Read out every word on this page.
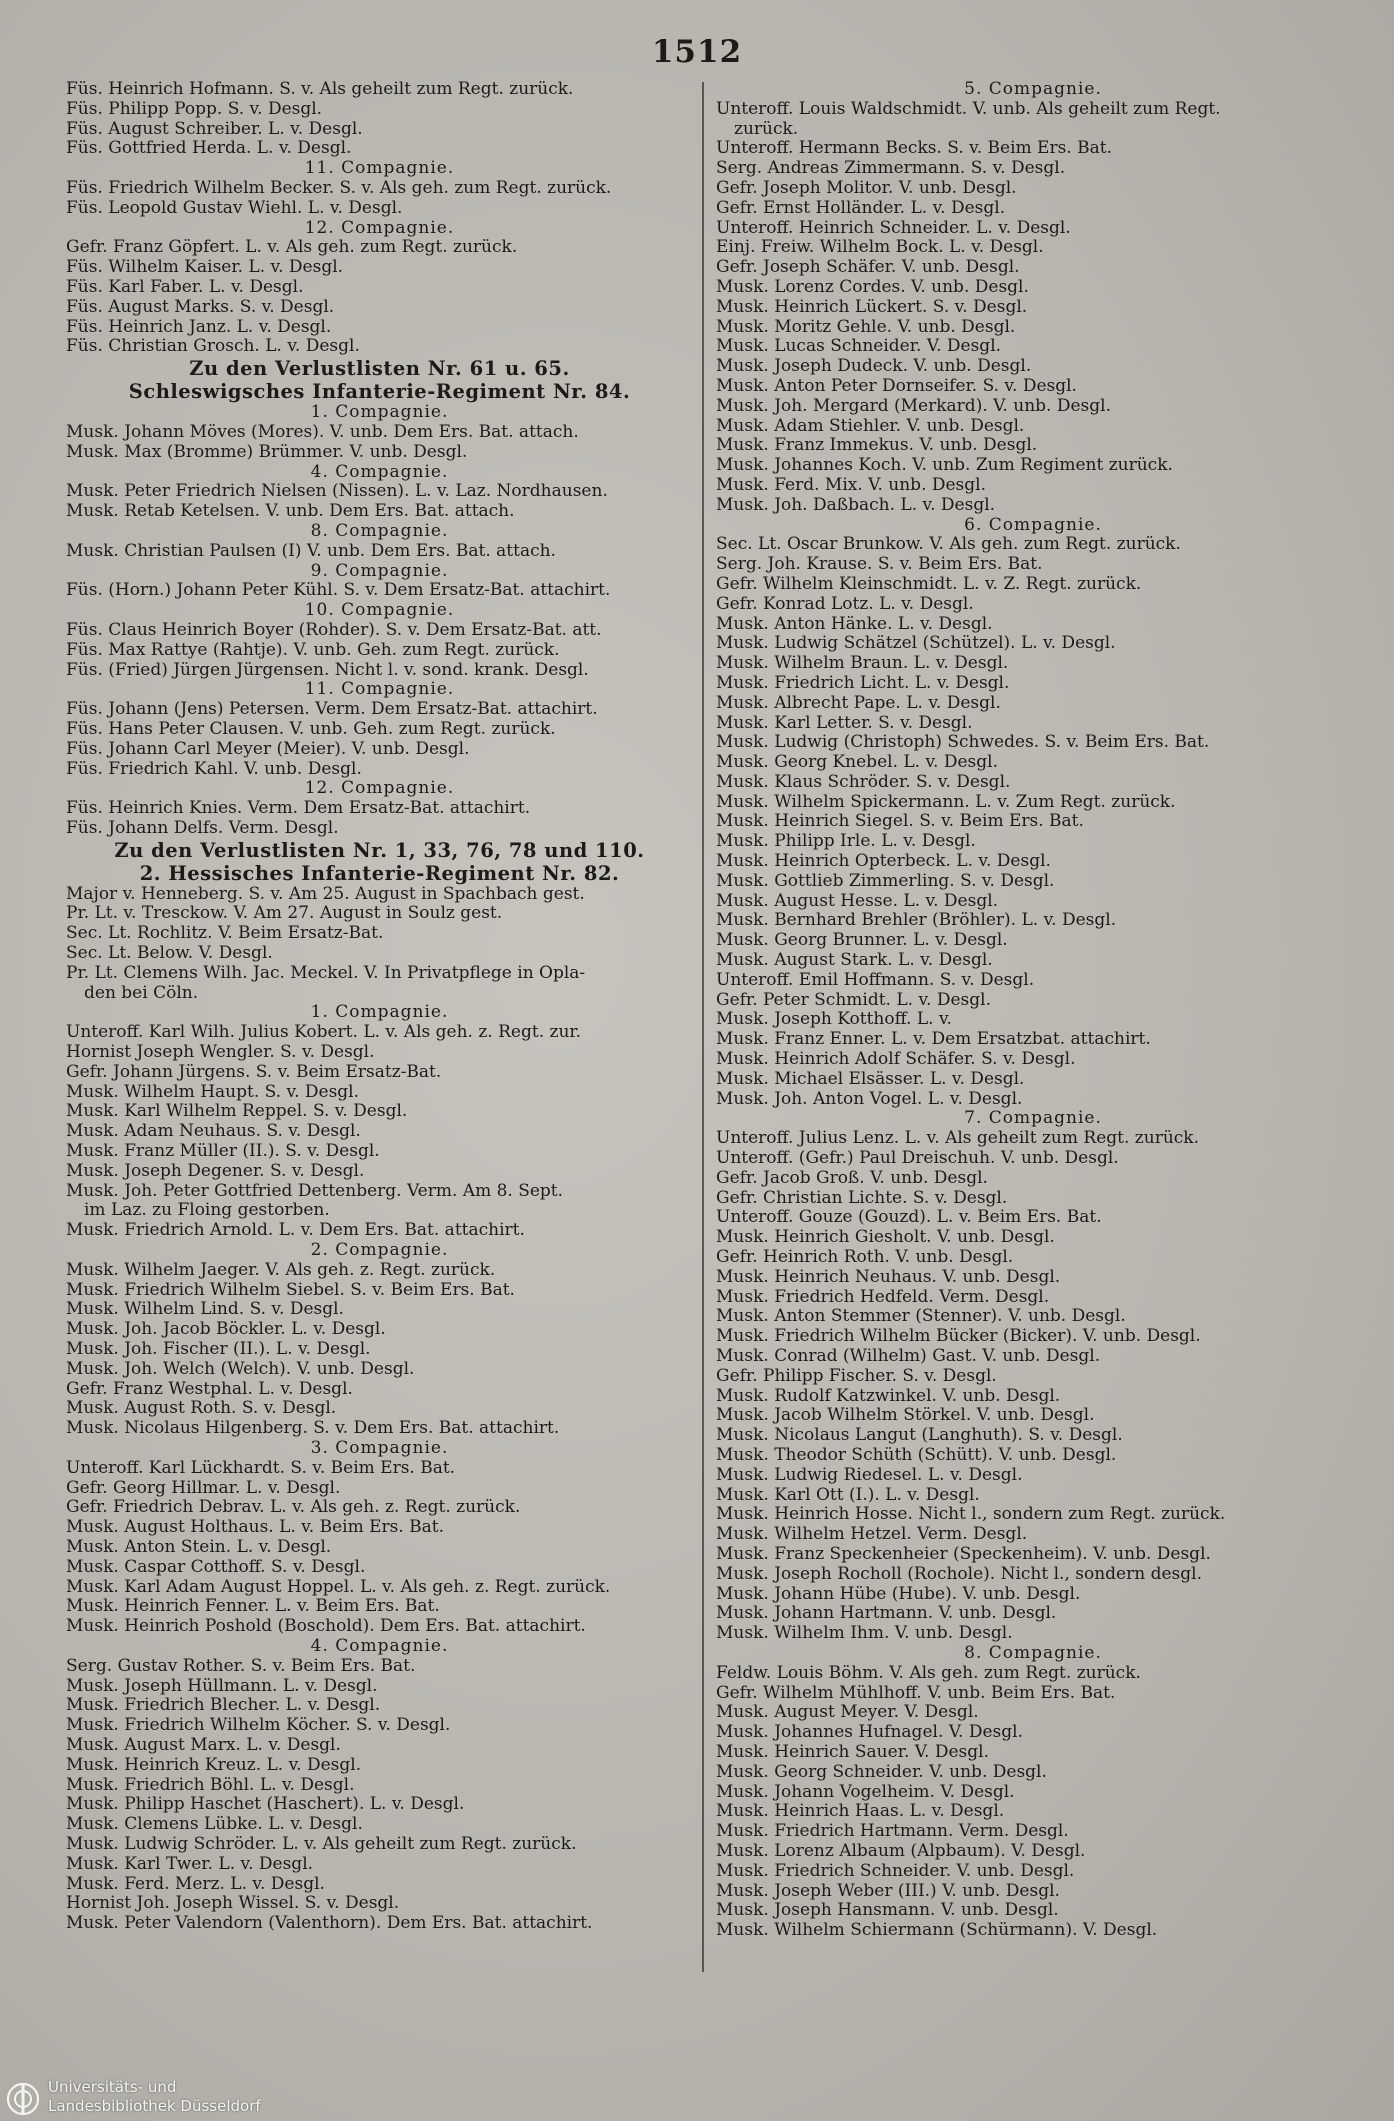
1512
Füs. Heinrich Hofmann. S. v. Als geheilt zum Regt. zurück.
Füs. Philipp Popp. S. v. Desgl.
Füs. August Schreiber. L. v. Desgl.
Füs. Gottfried Herda. L. v. Desgl.
11. Compagnie.
Füs. Friedrich Wilhelm Becker. S. v. Als geh. zum Regt. zurück.
Füs. Leopold Gustav Wiehl. L. v. Desgl.
12. Compagnie.
Gefr. Franz Göpfert. L. v. Als geh. zum Regt. zurück.
Füs. Wilhelm Kaiser. L. v. Desgl.
Füs. Karl Faber. L. v. Desgl.
Füs. August Marks. S. v. Desgl.
Füs. Heinrich Janz. L. v. Desgl.
Füs. Christian Grosch. L. v. Desgl.
Zu den Verlustlisten Nr. 61 u. 65.
Schleswigsches Infanterie-Regiment Nr. 84.
1. Compagnie.
Musk. Johann Möves (Mores). V. unb. Dem Ers. Bat. attach.
Musk. Max (Bromme) Brümmer. V. unb. Desgl.
4. Compagnie.
Musk. Peter Friedrich Nielsen (Nissen). L. v. Laz. Nordhausen.
Musk. Retab Ketelsen. V. unb. Dem Ers. Bat. attach.
8. Compagnie.
Musk. Christian Paulsen (I) V. unb. Dem Ers. Bat. attach.
9. Compagnie.
Füs. (Horn.) Johann Peter Kühl. S. v. Dem Ersatz-Bat. attachirt.
10. Compagnie.
Füs. Claus Heinrich Boyer (Rohder). S. v. Dem Ersatz-Bat. att.
Füs. Max Rattye (Rahtje). V. unb. Geh. zum Regt. zurück.
Füs. (Fried) Jürgen Jürgensen. Nicht l. v. sond. krank. Desgl.
11. Compagnie.
Füs. Johann (Jens) Petersen. Verm. Dem Ersatz-Bat. attachirt.
Füs. Hans Peter Clausen. V. unb. Geh. zum Regt. zurück.
Füs. Johann Carl Meyer (Meier). V. unb. Desgl.
Füs. Friedrich Kahl. V. unb. Desgl.
12. Compagnie.
Füs. Heinrich Knies. Verm. Dem Ersatz-Bat. attachirt.
Füs. Johann Delfs. Verm. Desgl.
Zu den Verlustlisten Nr. 1, 33, 76, 78 und 110.
2. Hessisches Infanterie-Regiment Nr. 82.
Major v. Henneberg. S. v. Am 25. August in Spachbach gest.
Pr. Lt. v. Tresckow. V. Am 27. August in Soulz gest.
Sec. Lt. Rochlitz. V. Beim Ersatz-Bat.
Sec. Lt. Below. V. Desgl.
Pr. Lt. Clemens Wilh. Jac. Meckel. V. In Privatpflege in Opla-
den bei Cöln.
1. Compagnie.
Unteroff. Karl Wilh. Julius Kobert. L. v. Als geh. z. Regt. zur.
Hornist Joseph Wengler. S. v. Desgl.
Gefr. Johann Jürgens. S. v. Beim Ersatz-Bat.
Musk. Wilhelm Haupt. S. v. Desgl.
Musk. Karl Wilhelm Reppel. S. v. Desgl.
Musk. Adam Neuhaus. S. v. Desgl.
Musk. Franz Müller (II.). S. v. Desgl.
Musk. Joseph Degener. S. v. Desgl.
Musk. Joh. Peter Gottfried Dettenberg. Verm. Am 8. Sept.
im Laz. zu Floing gestorben.
Musk. Friedrich Arnold. L. v. Dem Ers. Bat. attachirt.
2. Compagnie.
Musk. Wilhelm Jaeger. V. Als geh. z. Regt. zurück.
Musk. Friedrich Wilhelm Siebel. S. v. Beim Ers. Bat.
Musk. Wilhelm Lind. S. v. Desgl.
Musk. Joh. Jacob Böckler. L. v. Desgl.
Musk. Joh. Fischer (II.). L. v. Desgl.
Musk. Joh. Welch (Welch). V. unb. Desgl.
Gefr. Franz Westphal. L. v. Desgl.
Musk. August Roth. S. v. Desgl.
Musk. Nicolaus Hilgenberg. S. v. Dem Ers. Bat. attachirt.
3. Compagnie.
Unteroff. Karl Lückhardt. S. v. Beim Ers. Bat.
Gefr. Georg Hillmar. L. v. Desgl.
Gefr. Friedrich Debrav. L. v. Als geh. z. Regt. zurück.
Musk. August Holthaus. L. v. Beim Ers. Bat.
Musk. Anton Stein. L. v. Desgl.
Musk. Caspar Cotthoff. S. v. Desgl.
Musk. Karl Adam August Hoppel. L. v. Als geh. z. Regt. zurück.
Musk. Heinrich Fenner. L. v. Beim Ers. Bat.
Musk. Heinrich Poshold (Boschold). Dem Ers. Bat. attachirt.
4. Compagnie.
Serg. Gustav Rother. S. v. Beim Ers. Bat.
Musk. Joseph Hüllmann. L. v. Desgl.
Musk. Friedrich Blecher. L. v. Desgl.
Musk. Friedrich Wilhelm Köcher. S. v. Desgl.
Musk. August Marx. L. v. Desgl.
Musk. Heinrich Kreuz. L. v. Desgl.
Musk. Friedrich Böhl. L. v. Desgl.
Musk. Philipp Haschet (Haschert). L. v. Desgl.
Musk. Clemens Lübke. L. v. Desgl.
Musk. Ludwig Schröder. L. v. Als geheilt zum Regt. zurück.
Musk. Karl Twer. L. v. Desgl.
Musk. Ferd. Merz. L. v. Desgl.
Hornist Joh. Joseph Wissel. S. v. Desgl.
Musk. Peter Valendorn (Valenthorn). Dem Ers. Bat. attachirt.
5. Compagnie.
Unteroff. Louis Waldschmidt. V. unb. Als geheilt zum Regt.
zurück.
Unteroff. Hermann Becks. S. v. Beim Ers. Bat.
Serg. Andreas Zimmermann. S. v. Desgl.
Gefr. Joseph Molitor. V. unb. Desgl.
Gefr. Ernst Holländer. L. v. Desgl.
Unteroff. Heinrich Schneider. L. v. Desgl.
Einj. Freiw. Wilhelm Bock. L. v. Desgl.
Gefr. Joseph Schäfer. V. unb. Desgl.
Musk. Lorenz Cordes. V. unb. Desgl.
Musk. Heinrich Lückert. S. v. Desgl.
Musk. Moritz Gehle. V. unb. Desgl.
Musk. Lucas Schneider. V. Desgl.
Musk. Joseph Dudeck. V. unb. Desgl.
Musk. Anton Peter Dornseifer. S. v. Desgl.
Musk. Joh. Mergard (Merkard). V. unb. Desgl.
Musk. Adam Stiehler. V. unb. Desgl.
Musk. Franz Immekus. V. unb. Desgl.
Musk. Johannes Koch. V. unb. Zum Regiment zurück.
Musk. Ferd. Mix. V. unb. Desgl.
Musk. Joh. Daßbach. L. v. Desgl.
6. Compagnie.
Sec. Lt. Oscar Brunkow. V. Als geh. zum Regt. zurück.
Serg. Joh. Krause. S. v. Beim Ers. Bat.
Gefr. Wilhelm Kleinschmidt. L. v. Z. Regt. zurück.
Gefr. Konrad Lotz. L. v. Desgl.
Musk. Anton Hänke. L. v. Desgl.
Musk. Ludwig Schätzel (Schützel). L. v. Desgl.
Musk. Wilhelm Braun. L. v. Desgl.
Musk. Friedrich Licht. L. v. Desgl.
Musk. Albrecht Pape. L. v. Desgl.
Musk. Karl Letter. S. v. Desgl.
Musk. Ludwig (Christoph) Schwedes. S. v. Beim Ers. Bat.
Musk. Georg Knebel. L. v. Desgl.
Musk. Klaus Schröder. S. v. Desgl.
Musk. Wilhelm Spickermann. L. v. Zum Regt. zurück.
Musk. Heinrich Siegel. S. v. Beim Ers. Bat.
Musk. Philipp Irle. L. v. Desgl.
Musk. Heinrich Opterbeck. L. v. Desgl.
Musk. Gottlieb Zimmerling. S. v. Desgl.
Musk. August Hesse. L. v. Desgl.
Musk. Bernhard Brehler (Bröhler). L. v. Desgl.
Musk. Georg Brunner. L. v. Desgl.
Musk. August Stark. L. v. Desgl.
Unteroff. Emil Hoffmann. S. v. Desgl.
Gefr. Peter Schmidt. L. v. Desgl.
Musk. Joseph Kotthoff. L. v.
Musk. Franz Enner. L. v. Dem Ersatzbat. attachirt.
Musk. Heinrich Adolf Schäfer. S. v. Desgl.
Musk. Michael Elsässer. L. v. Desgl.
Musk. Joh. Anton Vogel. L. v. Desgl.
7. Compagnie.
Unteroff. Julius Lenz. L. v. Als geheilt zum Regt. zurück.
Unteroff. (Gefr.) Paul Dreischuh. V. unb. Desgl.
Gefr. Jacob Groß. V. unb. Desgl.
Gefr. Christian Lichte. S. v. Desgl.
Unteroff. Gouze (Gouzd). L. v. Beim Ers. Bat.
Musk. Heinrich Giesholt. V. unb. Desgl.
Gefr. Heinrich Roth. V. unb. Desgl.
Musk. Heinrich Neuhaus. V. unb. Desgl.
Musk. Friedrich Hedfeld. Verm. Desgl.
Musk. Anton Stemmer (Stenner). V. unb. Desgl.
Musk. Friedrich Wilhelm Bücker (Bicker). V. unb. Desgl.
Musk. Conrad (Wilhelm) Gast. V. unb. Desgl.
Gefr. Philipp Fischer. S. v. Desgl.
Musk. Rudolf Katzwinkel. V. unb. Desgl.
Musk. Jacob Wilhelm Störkel. V. unb. Desgl.
Musk. Nicolaus Langut (Langhuth). S. v. Desgl.
Musk. Theodor Schüth (Schütt). V. unb. Desgl.
Musk. Ludwig Riedesel. L. v. Desgl.
Musk. Karl Ott (I.). L. v. Desgl.
Musk. Heinrich Hosse. Nicht l., sondern zum Regt. zurück.
Musk. Wilhelm Hetzel. Verm. Desgl.
Musk. Franz Speckenheier (Speckenheim). V. unb. Desgl.
Musk. Joseph Rocholl (Rochole). Nicht l., sondern desgl.
Musk. Johann Hübe (Hube). V. unb. Desgl.
Musk. Johann Hartmann. V. unb. Desgl.
Musk. Wilhelm Ihm. V. unb. Desgl.
8. Compagnie.
Feldw. Louis Böhm. V. Als geh. zum Regt. zurück.
Gefr. Wilhelm Mühlhoff. V. unb. Beim Ers. Bat.
Musk. August Meyer. V. Desgl.
Musk. Johannes Hufnagel. V. Desgl.
Musk. Heinrich Sauer. V. Desgl.
Musk. Georg Schneider. V. unb. Desgl.
Musk. Johann Vogelheim. V. Desgl.
Musk. Heinrich Haas. L. v. Desgl.
Musk. Friedrich Hartmann. Verm. Desgl.
Musk. Lorenz Albaum (Alpbaum). V. Desgl.
Musk. Friedrich Schneider. V. unb. Desgl.
Musk. Joseph Weber (III.) V. unb. Desgl.
Musk. Joseph Hansmann. V. unb. Desgl.
Musk. Wilhelm Schiermann (Schürmann). V. Desgl.
Universitäts- und
Landesbibliothek Düsseldorf
